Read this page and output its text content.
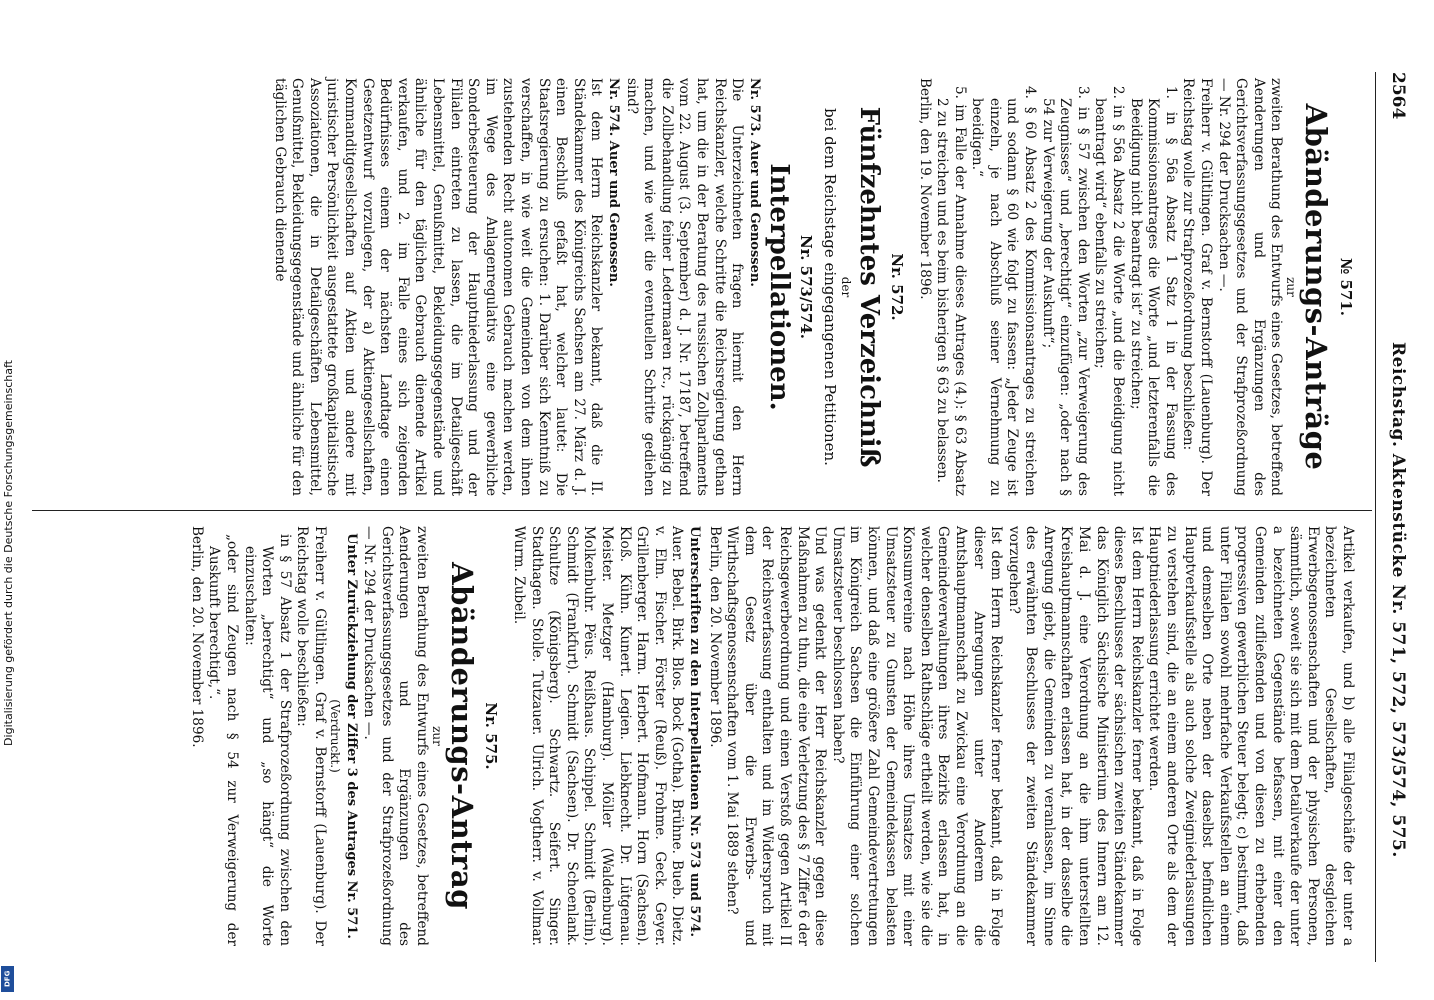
2564
Reichstag. Aktenstücke Nr. 571, 572, 573/574, 575.
№ 571.
Abänderungs-Anträge
zur

zweiten Berathung des Entwurfs eines Gesetzes, betreffend Aenderungen und Ergänzungen des Gerichtsverfassungsgesetzes und der Strafprozeßordnung — Nr. 294 der Drucksachen —.

Freiherr v. Gültlingen. Graf v. Bernstorff (Lauenburg). Der Reichstag wolle zur Strafprozeßordnung beschließen:

1. in § 56a Absatz 1 Satz 1 in der Fassung des Kommissionsantrages die Worte „und letzterenfalls die Beeidigung nicht beantragt ist“ zu streichen;

2. in § 56a Absatz 2 die Worte „und die Beeidigung nicht beantragt wird“ ebenfalls zu streichen;

3. in § 57 zwischen den Worten „zur Verweigerung des Zeugnisses“ und „berechtigt“ einzufügen: „oder nach § 54 zur Verweigerung der Auskunft“;

4. § 60 Absatz 2 des Kommissionsantrages zu streichen und sodann § 60 wie folgt zu fassen: „Jeder Zeuge ist einzeln, je nach Abschluß seiner Vernehmung zu beeidigen.“

5. im Falle der Annahme dieses Antrages (4.): § 63 Absatz 2 zu streichen und es beim bisherigen § 63 zu belassen.

Berlin, den 19. November 1896.

Nr. 572.
Fünfzehntes Verzeichniß
der
bei dem Reichstage eingegangenen Petitionen.
Nr. 573/574.
Interpellationen.

Nr. 573. Auer und Genossen.

Die Unterzeichneten fragen hiermit den Herrn Reichskanzler, welche Schritte die Reichsregierung gethan hat, um die in der Beratung des russischen Zollparlaments vom 22. August (3. September) d. J. Nr. 17187, betreffend die Zollbehandlung feiner Ledermaaren rc., rückgängig zu machen, und wie weit die eventuellen Schritte gediehen sind?

Nr. 574. Auer und Genossen.

Ist dem Herrn Reichskanzler bekannt, daß die II. Ständekammer des Königreichs Sachsen am 27. März d. J. einen Beschluß gefaßt hat, welcher lautet: Die Staatsregierung zu ersuchen: 1. Darüber sich Kenntniß zu verschaffen, in wie weit die Gemeinden von dem ihnen zustehenden Recht autonomen Gebrauch machen werden, im Wege des Anlagenregulativs eine gewerbliche Sonderbesteuerung der Hauptniederlassung und der Filialen eintreten zu lassen, die im Detailgeschäft Lebensmittel, Genußmittel, Bekleidungsgegenstände und ähnliche für den täglichen Gebrauch dienende Artikel verkaufen, und 2. im Falle eines sich zeigenden Bedürfnisses einem der nächsten Landtage einen Gesetzentwurf vorzulegen, der a) Aktiengesellschaften, Kommanditgesellschaften auf Aktien und andere mit juristischer Persönlichkeit ausgestattete großkapitalistische Assoziationen, die in Detailgeschäften Lebensmittel, Genußmittel, Bekleidungsgegenstände und ähnliche für den täglichen Gebrauch dienende

Artikel verkaufen, und b) alle Filialgeschäfte der unter a bezeichneten Gesellschaften, desgleichen Erwerbsgenossenschaften und der physischen Personen, sämmtlich, soweit sie sich mit dem Detailverkaufe der unter a bezeichneten Gegenstände befassen, mit einer den Gemeinden zufließenden und von diesen zu erhebenden progressiven gewerblichen Steuer belegt; c) bestimmt, daß unter Filialen sowohl mehrfache Verkaufsstellen an einem und demselben Orte neben der daselbst befindlichen Hauptverkaufsstelle als auch solche Zweigniederlassungen zu verstehen sind, die an einem anderen Orte als dem der Hauptniederlassung errichtet werden.

Ist dem Herrn Reichskanzler ferner bekannt, daß in Folge dieses Beschlusses der sächsischen zweiten Ständekammer das Königlich Sächsische Ministerium des Innern am 12. Mai d. J. eine Verordnung an die ihm unterstellten Kreishauptmannschaften erlassen hat, in der dasselbe die Anregung giebt, die Gemeinden zu veranlassen, im Sinne des erwähnten Beschlusses der zweiten Ständekammer vorzugehen?

Ist dem Herrn Reichskanzler ferner bekannt, daß in Folge dieser Anregungen unter Anderem die Amtshauptmannschaft zu Zwickau eine Verordnung an die Gemeindeverwaltungen ihres Bezirks erlassen hat, in welcher denselben Rathschläge ertheilt werden, wie sie die Konsumvereine nach Höhe ihres Umsatzes mit einer Umsatzsteuer zu Gunsten der Gemeindekassen belasten können, und daß eine größere Zahl Gemeindevertretungen im Königreich Sachsen die Einführung einer solchen Umsatzsteuer beschlossen haben?

Und was gedenkt der Herr Reichskanzler gegen diese Maßnahmen zu thun, die eine Verletzung des § 7 Ziffer 6 der Reichsgewerbeordnung und einen Verstoß gegen Artikel II der Reichsverfassung enthalten und im Widerspruch mit dem Gesetz über die Erwerbs- und Wirthschaftsgenossenschaften vom 1. Mai 1889 stehen?

Berlin, den 20. November 1896.

Unterschriften zu den Interpellationen Nr. 573 und 574.

Auer. Bebel. Birk. Blos. Bock (Gotha). Brühne. Bueb. Dietz. v. Elm. Fischer. Förster (Reuß). Frohme. Geck. Geyer. Grillenberger. Harm. Herbert. Hofmann. Horn (Sachsen). Kloß. Kühn. Kunert. Legien. Liebknecht. Dr. Lütgenau. Meister. Metzger (Hamburg). Möller (Waldenburg). Molkenbuhr. Pëus. Reißhaus. Schippel. Schmidt (Berlin). Schmidt (Frankfurt). Schmidt (Sachsen). Dr. Schoenlank. Schultze (Königsberg). Schwartz. Seifert. Singer. Stadthagen. Stolle. Tutzauer. Ulrich. Vogtherr. v. Vollmar. Wurm. Zubeil.

Nr. 575.
Abänderungs-Antrag
zur

zweiten Berathung des Entwurfs eines Gesetzes, betreffend Aenderungen und Ergänzungen des Gerichtsverfassungsgesetzes und der Strafprozeßordnung — Nr. 294 der Drucksachen —.

Unter Zurückziehung der Ziffer 3 des Antrages Nr. 571.

(Verdruckt.)

Freiherr v. Gültlingen. Graf v. Bernstorff (Lauenburg). Der Reichstag wolle beschließen:

in § 57 Absatz 1 der Strafprozeßordnung zwischen den Worten „berechtigt“ und „so hängt“ die Worte einzuschalten:

„oder sind Zeugen nach § 54 zur Verweigerung der Auskunft berechtigt,“.

Berlin, den 20. November 1896.

Digitalisierung gefördert durch die Deutsche Forschungsgemeinschaft
DFG
